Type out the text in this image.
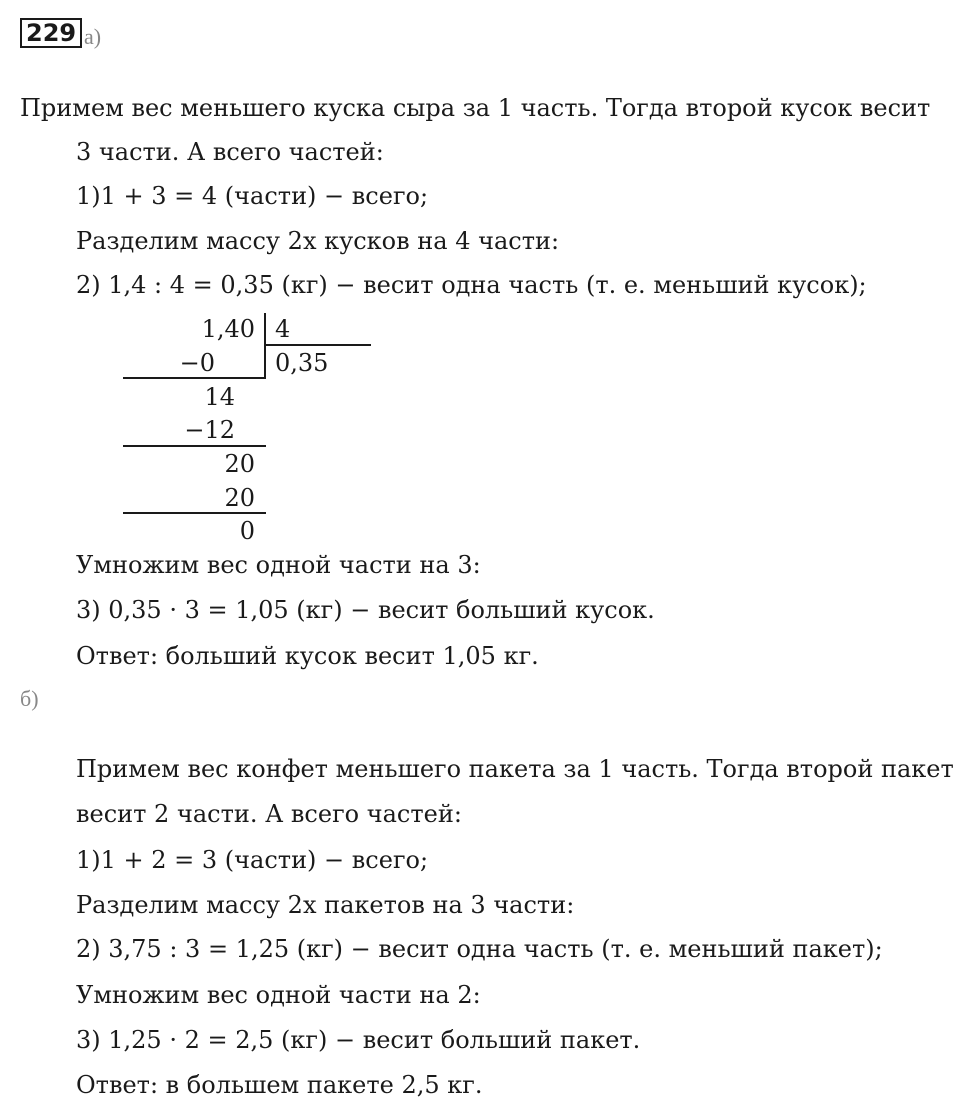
229 а)
Примем вес меньшего куска сыра за 1 часть. Тогда второй кусок весит
3 части. А всего частей:
1)1 + 3 = 4 (части) − всего;
Разделим массу 2х кусков на 4 части:
2) 1,4 : 4 = 0,35 (кг) − весит одна часть (т. е. меньший кусок);
1,40 4
0,35
−0
14
−12
20
20
0
Умножим вес одной части на 3:
3) 0,35 · 3 = 1,05 (кг) − весит больший кусок.
Ответ: больший кусок весит 1,05 кг.
б)
Примем вес конфет меньшего пакета за 1 часть. Тогда второй пакет
весит 2 части. А всего частей:
1)1 + 2 = 3 (части) − всего;
Разделим массу 2х пакетов на 3 части:
2) 3,75 : 3 = 1,25 (кг) − весит одна часть (т. е. меньший пакет);
Умножим вес одной части на 2:
3) 1,25 · 2 = 2,5 (кг) − весит больший пакет.
Ответ: в большем пакете 2,5 кг.
